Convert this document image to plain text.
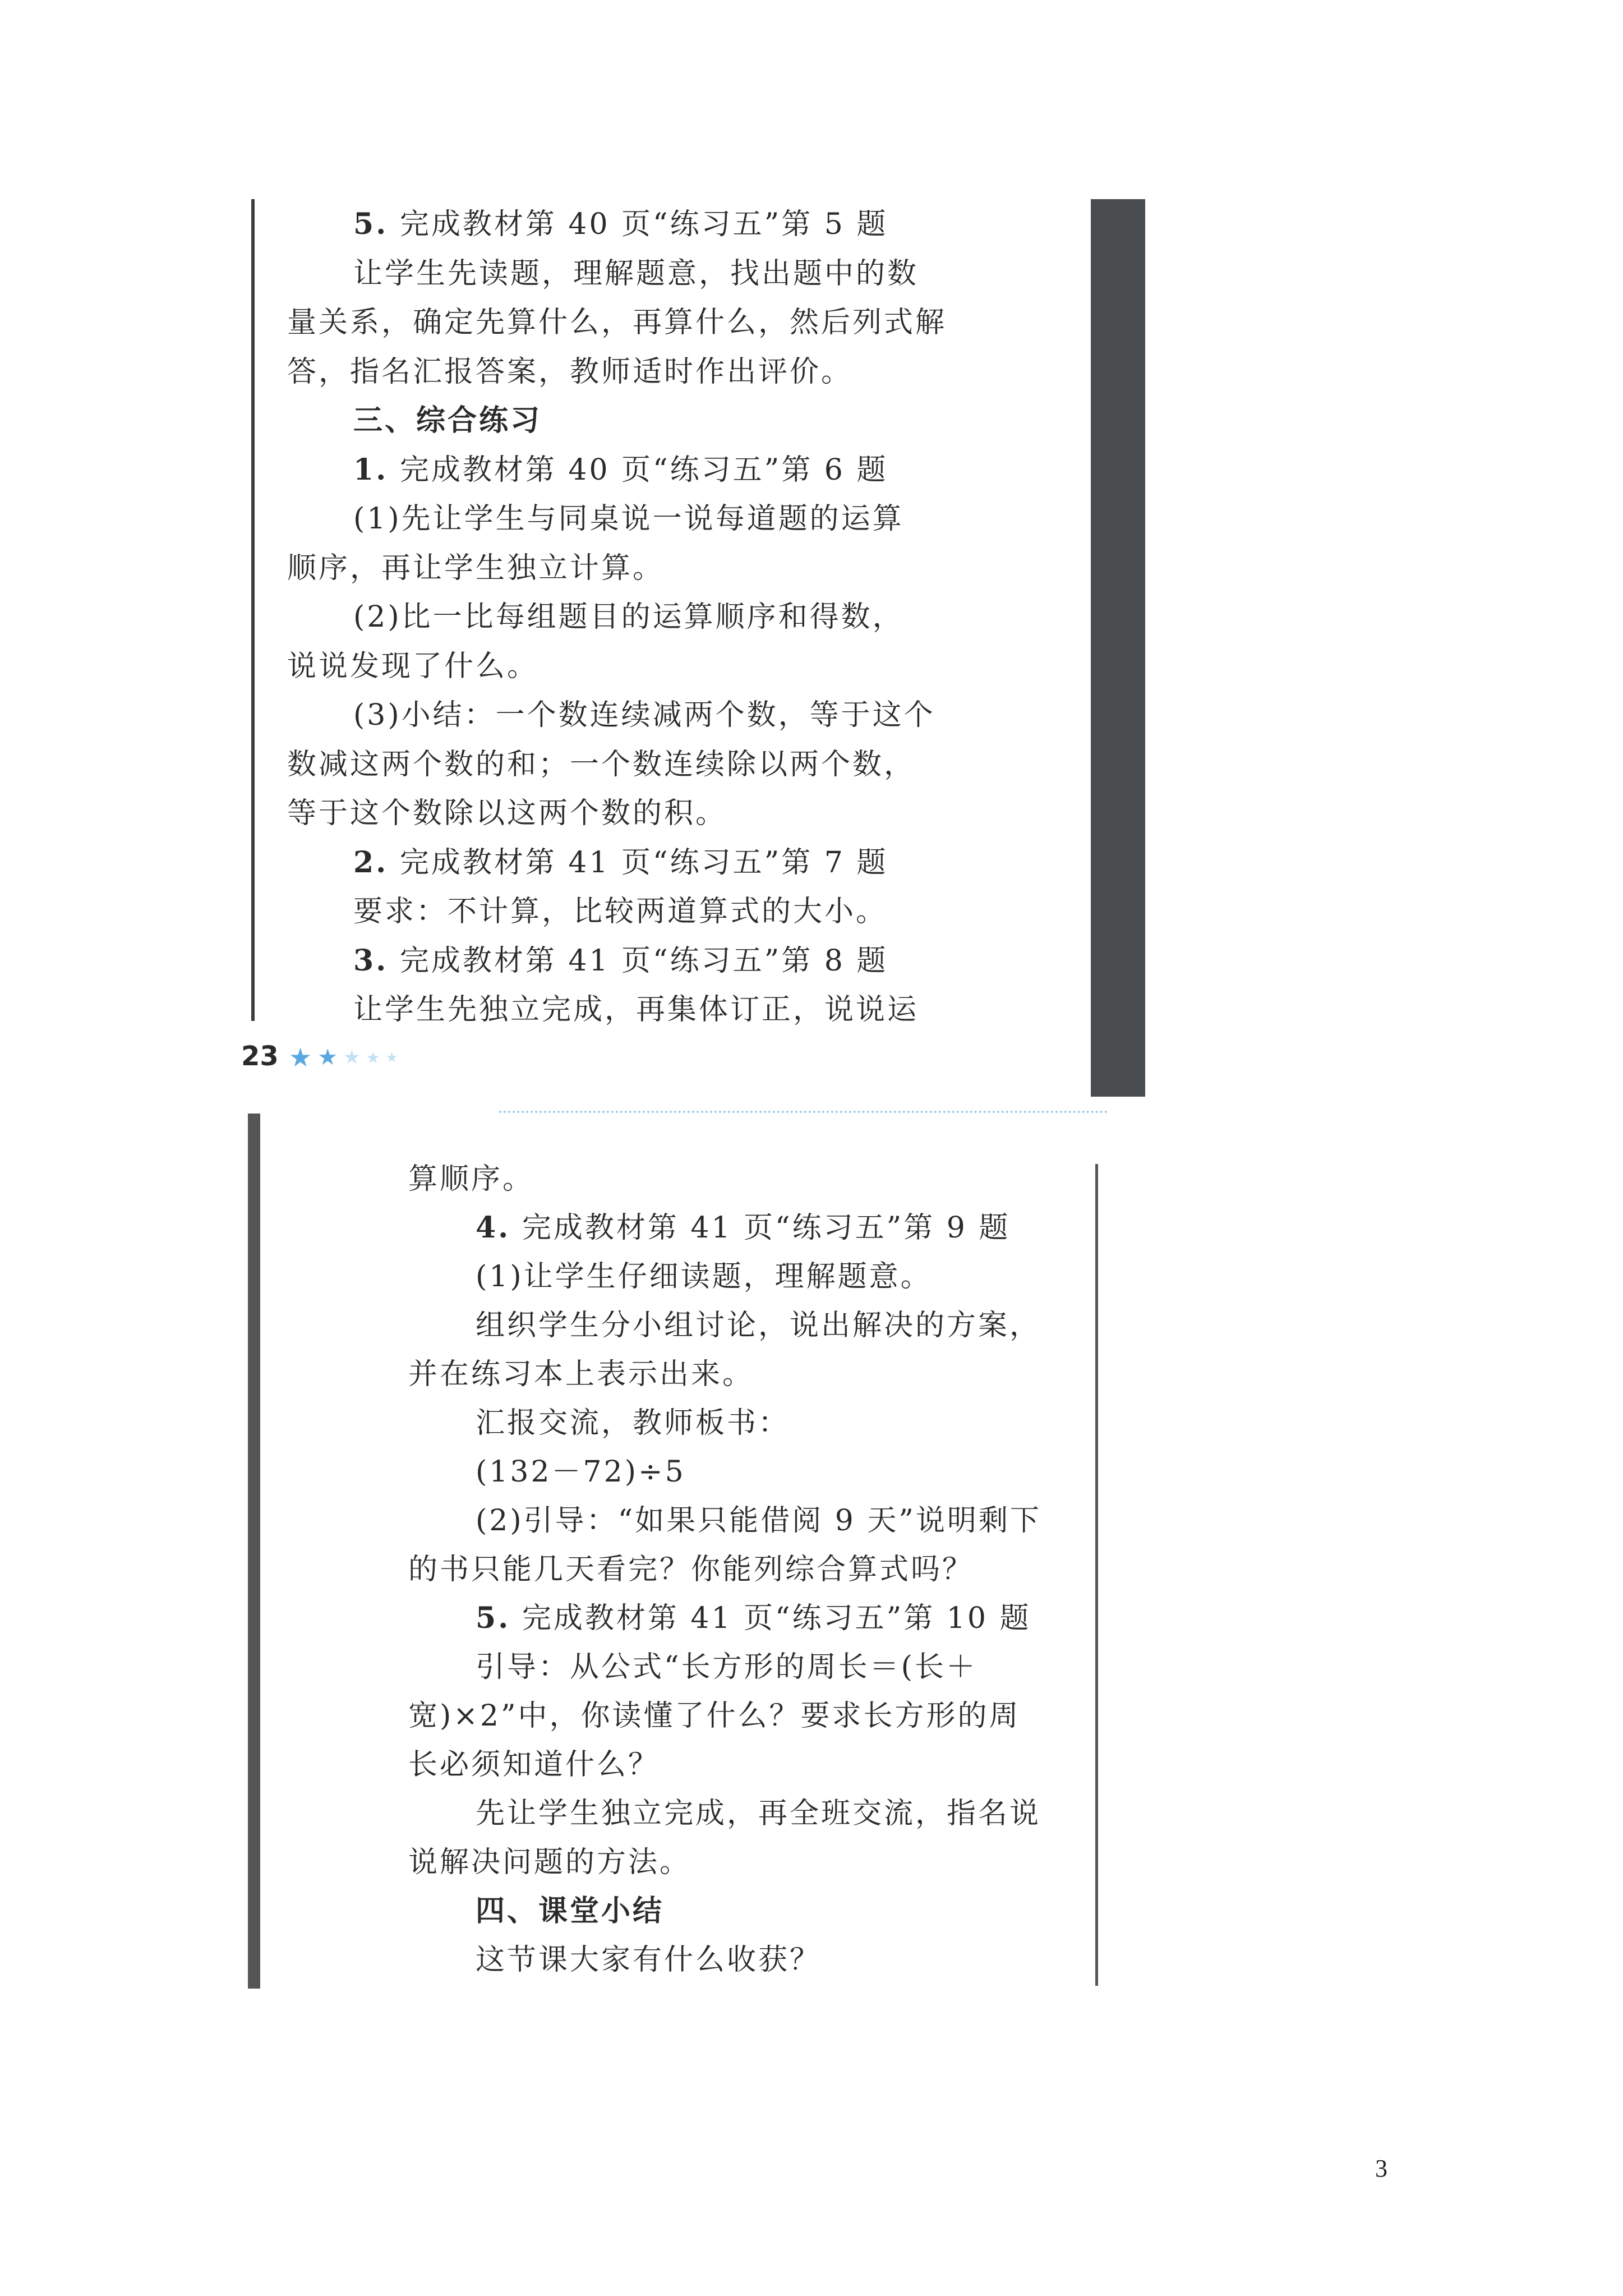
5. 完成教材第 40 页“练习五”第 5 题
让学生先读题，理解题意，找出题中的数
量关系，确定先算什么，再算什么，然后列式解
答，指名汇报答案，教师适时作出评价。
三、综合练习
1. 完成教材第 40 页“练习五”第 6 题
(1)先让学生与同桌说一说每道题的运算
顺序，再让学生独立计算。
(2)比一比每组题目的运算顺序和得数，
说说发现了什么。
(3)小结：一个数连续减两个数，等于这个
数减这两个数的和；一个数连续除以两个数，
等于这个数除以这两个数的积。
2. 完成教材第 41 页“练习五”第 7 题
要求：不计算，比较两道算式的大小。
3. 完成教材第 41 页“练习五”第 8 题
让学生先独立完成，再集体订正，说说运
23 ★ ★ ★ ★ ★
算顺序。
4. 完成教材第 41 页“练习五”第 9 题
(1)让学生仔细读题，理解题意。
组织学生分小组讨论，说出解决的方案，
并在练习本上表示出来。
汇报交流，教师板书：
(132－72)÷5
(2)引导：“如果只能借阅 9 天”说明剩下
的书只能几天看完？你能列综合算式吗？
5. 完成教材第 41 页“练习五”第 10 题
引导：从公式“长方形的周长＝(长＋
宽)×2”中，你读懂了什么？要求长方形的周
长必须知道什么？
先让学生独立完成，再全班交流，指名说
说解决问题的方法。
四、课堂小结
这节课大家有什么收获？
3
